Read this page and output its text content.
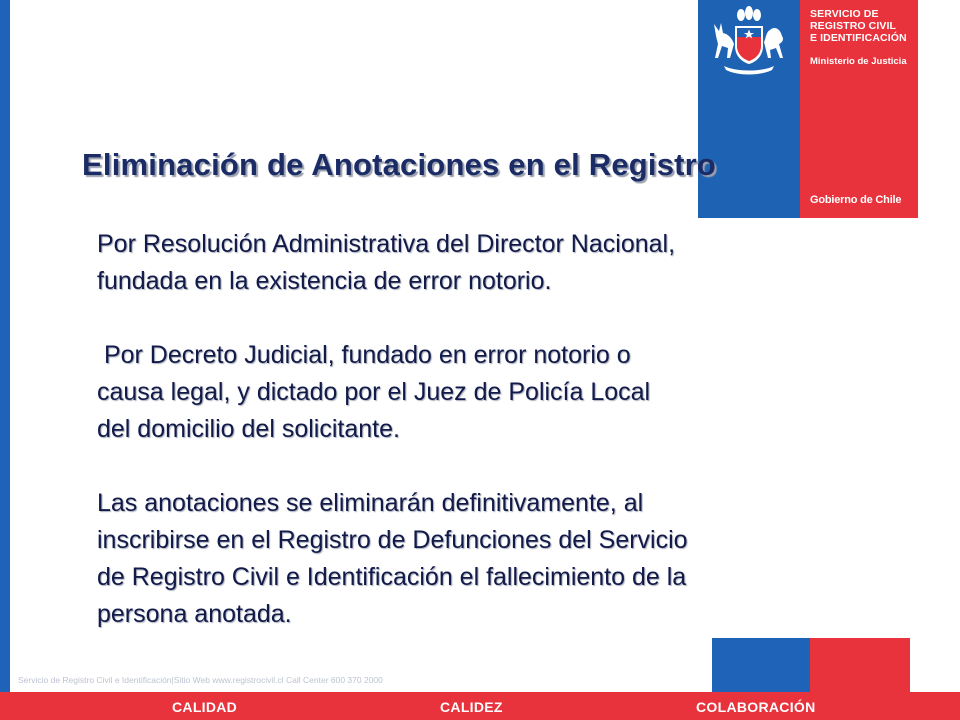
SERVICIO DE
REGISTRO CIVIL
E IDENTIFICACIÓN
Ministerio de Justicia
Gobierno de Chile
Eliminación de Anotaciones en el Registro

Por Resolución Administrativa del Director Nacional,
fundada en la existencia de error notorio.

Por Decreto Judicial, fundado en error notorio o
causa legal, y dictado por el Juez de Policía Local
del domicilio del solicitante.

Las anotaciones se eliminarán definitivamente, al
inscribirse en el Registro de Defunciones del Servicio
de Registro Civil e Identificación el fallecimiento de la
persona anotada.

Servicio de Registro Civil e Identificación|Sitio Web www.registrocivil.cl Call Center 600 370 2000
CALIDAD	CALIDEZ	COLABORACIÓN
